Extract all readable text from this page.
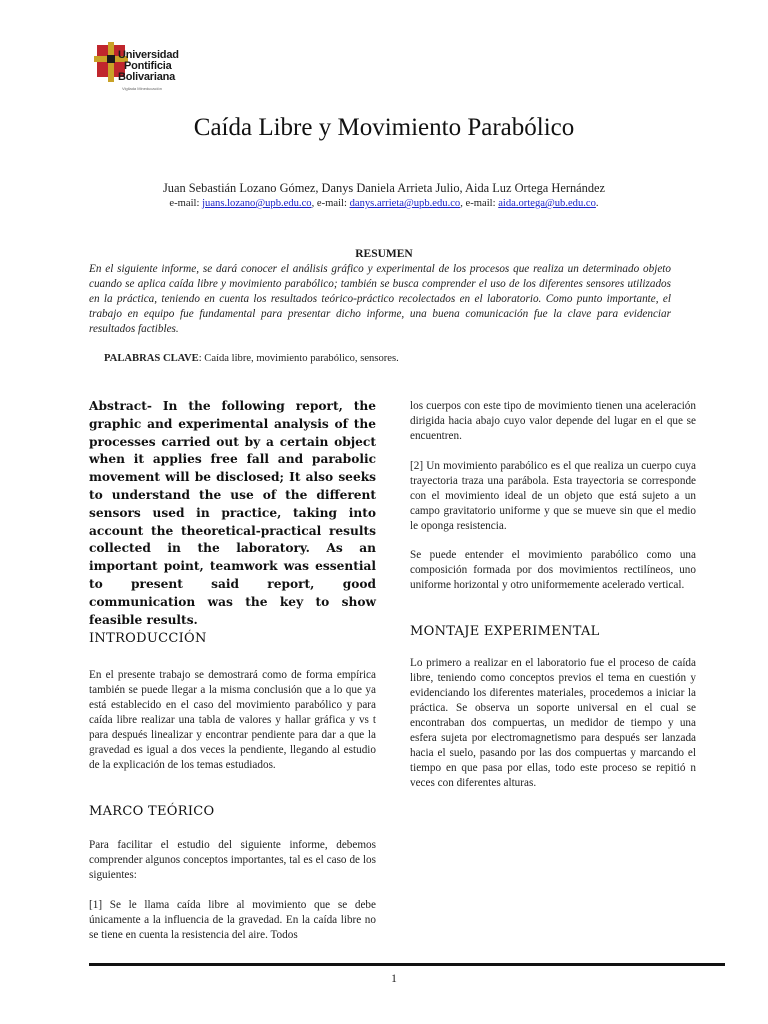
Universidad
Pontificia
Bolivariana
Vigilada Mineducación
Caída Libre y Movimiento Parabólico
Juan Sebastián Lozano Gómez, Danys Daniela Arrieta Julio, Aida Luz Ortega Hernández
e-mail: juans.lozano@upb.edu.co, e-mail: danys.arrieta@upb.edu.co, e-mail: aida.ortega@ub.edu.co.
RESUMEN
En el siguiente informe, se dará conocer el análisis gráfico y experimental de los procesos que realiza un determinado objeto cuando se aplica caída libre y movimiento parabólico; también se busca comprender el uso de los diferentes sensores utilizados en la práctica, teniendo en cuenta los resultados teórico-práctico recolectados en el laboratorio. Como punto importante, el trabajo en equipo fue fundamental para presentar dicho informe, una buena comunicación fue la clave para evidenciar resultados factibles.
PALABRAS CLAVE: Caída libre, movimiento parabólico, sensores.
Abstract- In the following report, the graphic and experimental analysis of the processes carried out by a certain object when it applies free fall and parabolic movement will be disclosed; It also seeks to understand the use of the different sensors used in practice, taking into account the theoretical-practical results collected in the laboratory. As an important point, teamwork was essential to present said report, good communication was the key to show feasible results.
INTRODUCCIÓN
En el presente trabajo se demostrará como de forma empírica también se puede llegar a la misma conclusión que a lo que ya está establecido en el caso del movimiento parabólico y para caída libre realizar una tabla de valores y hallar gráfica y vs t para después linealizar y encontrar pendiente para dar a que la gravedad es igual a dos veces la pendiente, llegando al estudio de la explicación de los temas estudiados.
MARCO TEÓRICO
Para facilitar el estudio del siguiente informe, debemos comprender algunos conceptos importantes, tal es el caso de los siguientes:
[1] Se le llama caída libre al movimiento que se debe únicamente a la influencia de la gravedad. En la caída libre no se tiene en cuenta la resistencia del aire. Todos
los cuerpos con este tipo de movimiento tienen una aceleración dirigida hacia abajo cuyo valor depende del lugar en el que se encuentren.
[2] Un movimiento parabólico es el que realiza un cuerpo cuya trayectoria traza una parábola. Esta trayectoria se corresponde con el movimiento ideal de un objeto que está sujeto a un campo gravitatorio uniforme y que se mueve sin que el medio le oponga resistencia.
Se puede entender el movimiento parabólico como una composición formada por dos movimientos rectilíneos, uno uniforme horizontal y otro uniformemente acelerado vertical.
MONTAJE EXPERIMENTAL
Lo primero a realizar en el laboratorio fue el proceso de caída libre, teniendo como conceptos previos el tema en cuestión y evidenciando los diferentes materiales, procedemos a iniciar la práctica. Se observa un soporte universal en el cual se encontraban dos compuertas, un medidor de tiempo y una esfera sujeta por electromagnetismo para después ser lanzada hacia el suelo, pasando por las dos compuertas y marcando el tiempo en que pasa por ellas, todo este proceso se repitió n veces con diferentes alturas.
1
